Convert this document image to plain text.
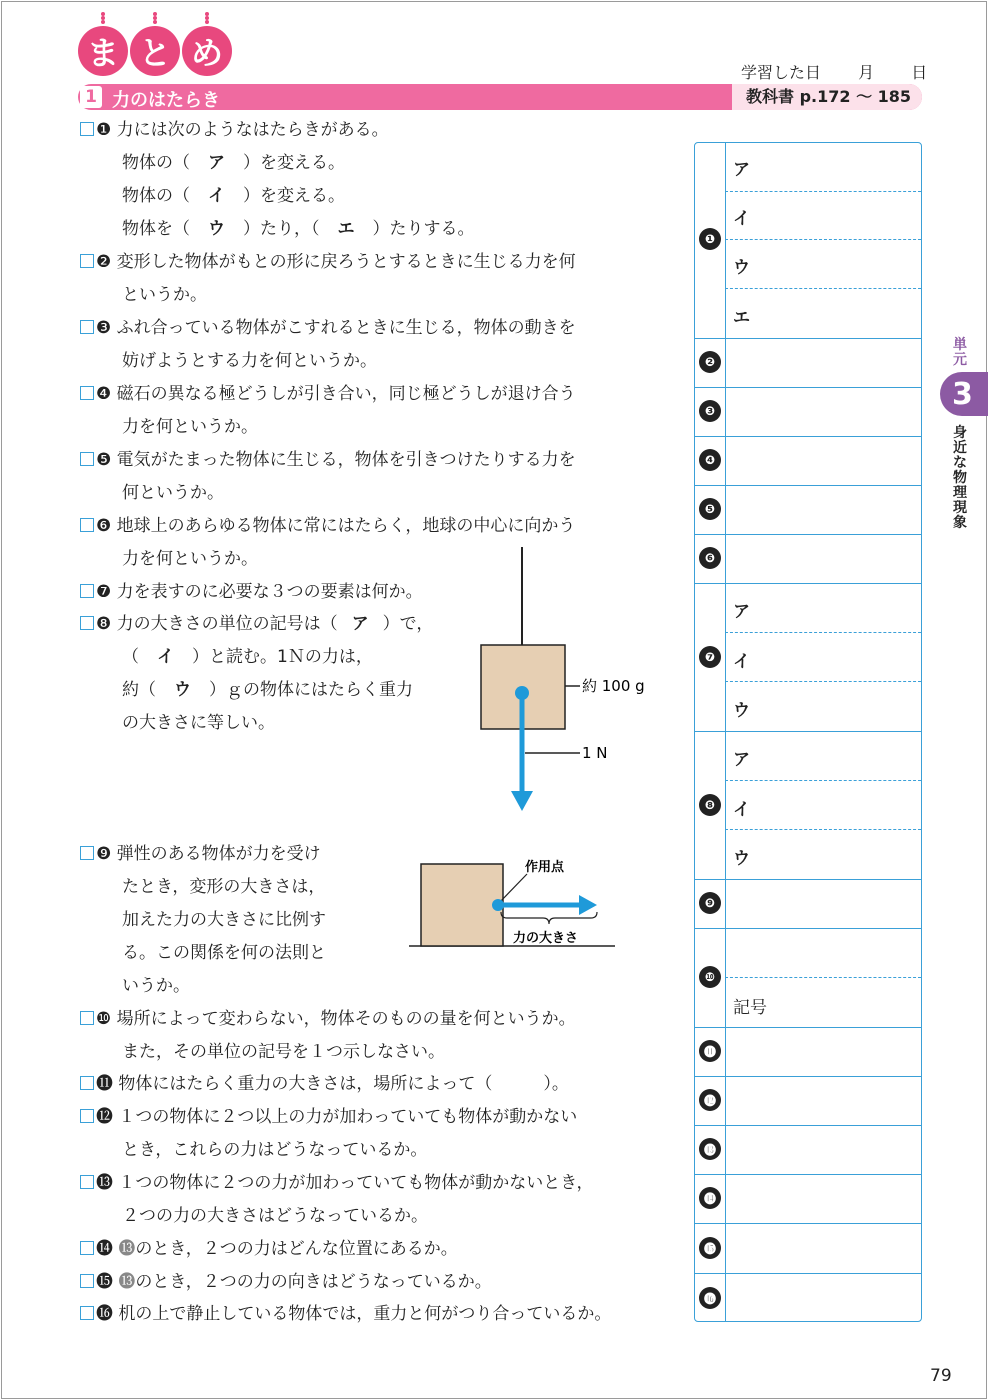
ま と め
学習した日 月 日
1 力のはたらき	教科書 p.172 ～ 185
❶ 力には次のようなはたらきがある。
物体の（ ア ）を変える。
物体の（ イ ）を変える。
物体を（ ウ ）たり，（ エ ）たりする。
❷ 変形した物体がもとの形に戻ろうとするときに生じる力を何
というか。
❸ ふれ合っている物体がこすれるときに生じる，物体の動きを
妨げようとする力を何というか。
❹ 磁石の異なる極どうしが引き合い，同じ極どうしが退け合う
力を何というか。
❺ 電気がたまった物体に生じる，物体を引きつけたりする力を
何というか。
❻ 地球上のあらゆる物体に常にはたらく，地球の中心に向かう
力を何というか。
❼ 力を表すのに必要な３つの要素は何か。
❽ 力の大きさの単位の記号は（ ア ）で，
（ イ ）と読む。1Ｎの力は，
約（ ウ ）ｇの物体にはたらく重力
の大きさに等しい。
約 100 g
1 N
❾ 弾性のある物体が力を受け
たとき，変形の大きさは，
加えた力の大きさに比例す
る。この関係を何の法則と
いうか。
作用点
力の大きさ
❿ 場所によって変わらない，物体そのものの量を何というか。
また，その単位の記号を１つ示しなさい。
⓫ 物体にはたらく重力の大きさは，場所によって（　　　）。
⓬ １つの物体に２つ以上の力が加わっていても物体が動かない
とき，これらの力はどうなっているか。
⓭ １つの物体に２つの力が加わっていても物体が動かないとき，
２つの力の大きさはどうなっているか。
⓮ ⓭のとき，２つの力はどんな位置にあるか。
⓯ ⓭のとき，２つの力の向きはどうなっているか。
⓰ 机の上で静止している物体では，重力と何がつり合っているか。
❶
❷
❸
❹
❺
❻
❼
❽
❾
❿
⓫
⓬
⓭
⓮
⓯
⓰
ア
イ
ウ
エ
ア
イ
ウ
ア
イ
ウ
記号
単元
3
身近な物理現象
79
